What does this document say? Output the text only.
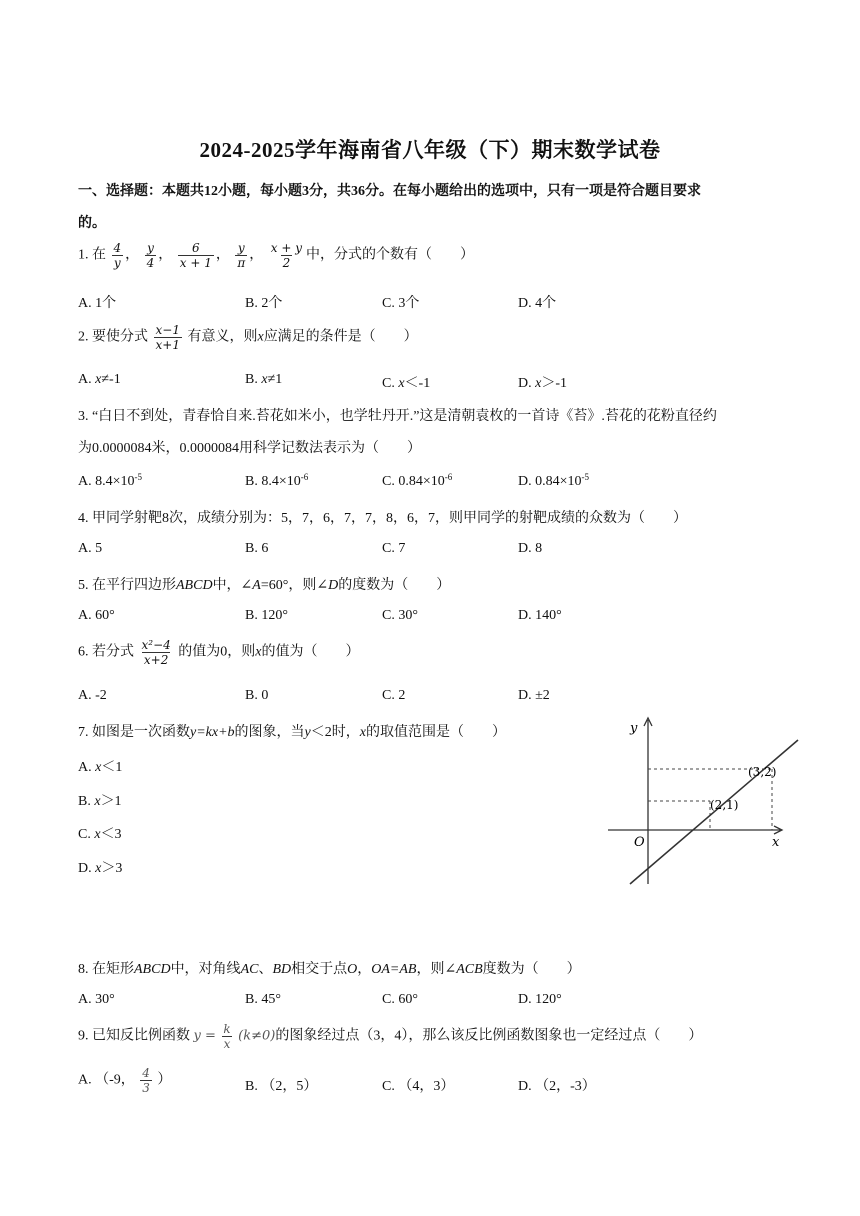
2024-2025学年海南省八年级（下）期末数学试卷
一、选择题：本题共12小题，每小题3分，共36分。在每小题给出的选项中，只有一项是符合题目要求
的。
1. 在 $\frac{4}{y}$ ， $\frac{y}{4}$ ， $\frac{6}{x + 1}$ ， $\frac{y}{\pi}$ ， $\frac{x + y}{2}$ 中，分式的个数有（　　）
A. 1个	B. 2个	C. 3个	D. 4个
2. 要使分式 $\frac{x-1}{x+1}$ 有意义，则x应满足的条件是（　　）
A. x≠-1	B. x≠1	C. x＜-1	D. x＞-1
3. “白日不到处，青春恰自来.苔花如米小，也学牡丹开.”这是清朝袁枚的一首诗《苔》.苔花的花粉直径约
为0.0000084米，0.0000084用科学记数法表示为（　　）
A. $8.4\times 10^{-5}$	B. $8.4\times 10^{-6}$	C. $0.84\times 10^{-6}$	D. $0.84\times 10^{-5}$
4. 甲同学射靶8次，成绩分别为：5，7，6，7，7，8，6，7，则甲同学的射靶成绩的众数为（　　）
A. 5	B. 6	C. 7	D. 8
5. 在平行四边形ABCD中，∠A=60°，则∠D的度数为（　　）
A. 60°	B. 120°	C. 30°	D. 140°
6. 若分式 $\frac{\text{x²−4}}{x+2}$ 的值为0，则x的值为（　　）
A. -2	B. 0	C. 2	D. ±2
7. 如图是一次函数y=kx+b的图象，当y＜2时，x的取值范围是（　　）
A. x＜1
B. x＞1
C. x＜3
D. x＞3
y
x
O
(3,2)
(2,1)
8. 在矩形ABCD中，对角线AC、BD相交于点O，OA=AB，则∠ACB度数为（　　）
A. 30°	B. 45°	C. 60°	D. 120°
9. 已知反比例函数 $y = \frac{k}{x} (k\ne 0)$的图象经过点（3，4），那么该反比例函数图象也一定经过点（　　）
A. （-9， $\frac{4}{3}$ ）	B. （2，5）	C. （4，3）	D. （2，-3）
